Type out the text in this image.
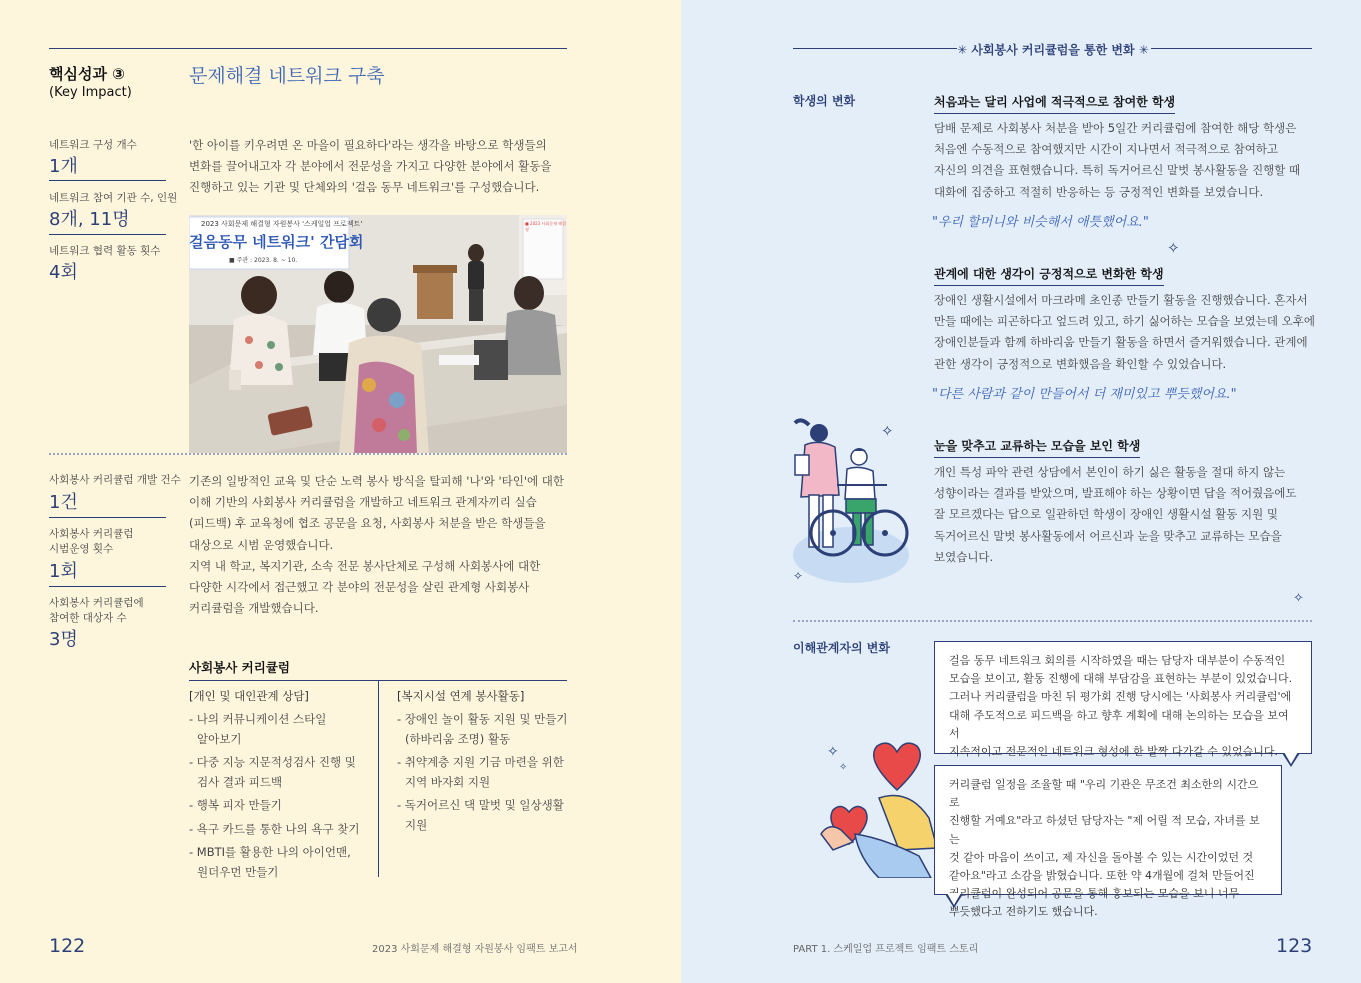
핵심성과 ③
(Key Impact)
문제해결 네트워크 구축
네트워크 구성 개수
1개
네트워크 참여 기관 수, 인원
8개, 11명
네트워크 협력 활동 횟수
4회
'한 아이를 키우려면 온 마을이 필요하다'라는 생각을 바탕으로 학생들의
변화를 끌어내고자 각 분야에서 전문성을 가지고 다양한 분야에서 활동을
진행하고 있는 기관 및 단체와의 '걸음 동무 네트워크'를 구성했습니다.
2023 사회문제 해결형 자원봉사 '스케일업 프로젝트'
걸음동무 네트워크' 간담회
■ 주관 : 2023. 8. ~ 10.
■ 2023 사회문제 해결형
사회봉사 커리큘럼 개발 건수
1건
사회봉사 커리큘럼
시범운영 횟수
1회
사회봉사 커리큘럼에
참여한 대상자 수
3명
기존의 일방적인 교육 및 단순 노력 봉사 방식을 탈피해 '나'와 '타인'에 대한
이해 기반의 사회봉사 커리큘럼을 개발하고 네트워크 관계자끼리 실습
(피드백) 후 교육청에 협조 공문을 요청, 사회봉사 처분을 받은 학생들을
대상으로 시범 운영했습니다.
지역 내 학교, 복지기관, 소속 전문 봉사단체로 구성해 사회봉사에 대한
다양한 시각에서 접근했고 각 분야의 전문성을 살린 관계형 사회봉사
커리큘럼을 개발했습니다.
사회봉사 커리큘럼
[개인 및 대인관계 상담]
- 나의 커뮤니케이션 스타일
알아보기
- 다중 지능 지문적성검사 진행 및
검사 결과 피드백
- 행복 피자 만들기
- 욕구 카드를 통한 나의 욕구 찾기
- MBTI를 활용한 나의 아이언맨,
원더우먼 만들기
[복지시설 연계 봉사활동]
- 장애인 놀이 활동 지원 및 만들기
(하바리움 조명) 활동
- 취약계층 지원 기금 마련을 위한
지역 바자회 지원
- 독거어르신 댁 말벗 및 일상생활
지원
122	2023 사회문제 해결형 자원봉사 임팩트 보고서
✳ 사회봉사 커리큘럼을 통한 변화 ✳
학생의 변화	처음과는 달리 사업에 적극적으로 참여한 학생
담배 문제로 사회봉사 처분을 받아 5일간 커리큘럼에 참여한 해당 학생은
처음엔 수동적으로 참여했지만 시간이 지나면서 적극적으로 참여하고
자신의 의견을 표현했습니다. 특히 독거어르신 말벗 봉사활동을 진행할 때
대화에 집중하고 적절히 반응하는 등 긍정적인 변화를 보였습니다.
"우리 할머니와 비슷해서 애틋했어요."
✧
관계에 대한 생각이 긍정적으로 변화한 학생
장애인 생활시설에서 마크라메 초인종 만들기 활동을 진행했습니다. 혼자서
만들 때에는 피곤하다고 엎드려 있고, 하기 싫어하는 모습을 보였는데 오후에
장애인분들과 함께 하바리움 만들기 활동을 하면서 즐거워했습니다. 관계에
관한 생각이 긍정적으로 변화했음을 확인할 수 있었습니다.
"다른 사람과 같이 만들어서 더 재미있고 뿌듯했어요."
✧
✧
눈을 맞추고 교류하는 모습을 보인 학생
개인 특성 파악 관련 상담에서 본인이 하기 싫은 활동을 절대 하지 않는
성향이라는 결과를 받았으며, 발표해야 하는 상황이면 답을 적어줬음에도
잘 모르겠다는 답으로 일관하던 학생이 장애인 생활시설 활동 지원 및
독거어르신 말벗 봉사활동에서 어르신과 눈을 맞추고 교류하는 모습을
보였습니다.
✧
이해관계자의 변화
걸음 동무 네트워크 회의를 시작하였을 때는 담당자 대부분이 수동적인
모습을 보이고, 활동 진행에 대해 부담감을 표현하는 부분이 있었습니다.
그러나 커리큘럼을 마친 뒤 평가회 진행 당시에는 '사회봉사 커리큘럼'에
대해 주도적으로 피드백을 하고 향후 계획에 대해 논의하는 모습을 보여서
지속적이고 전문적인 네트워크 형성에 한 발짝 다가갈 수 있었습니다.
✧
✧
커리큘럼 일정을 조율할 때 "우리 기관은 무조건 최소한의 시간으로
진행할 거예요"라고 하셨던 담당자는 "제 어릴 적 모습, 자녀를 보는
것 같아 마음이 쓰이고, 제 자신을 돌아볼 수 있는 시간이었던 것
같아요"라고 소감을 밝혔습니다. 또한 약 4개월에 걸쳐 만들어진
커리큘럼이 완성되어 공문을 통해 홍보되는 모습을 보니 너무
뿌듯했다고 전하기도 했습니다.
PART 1. 스케일업 프로젝트 임팩트 스토리	123
